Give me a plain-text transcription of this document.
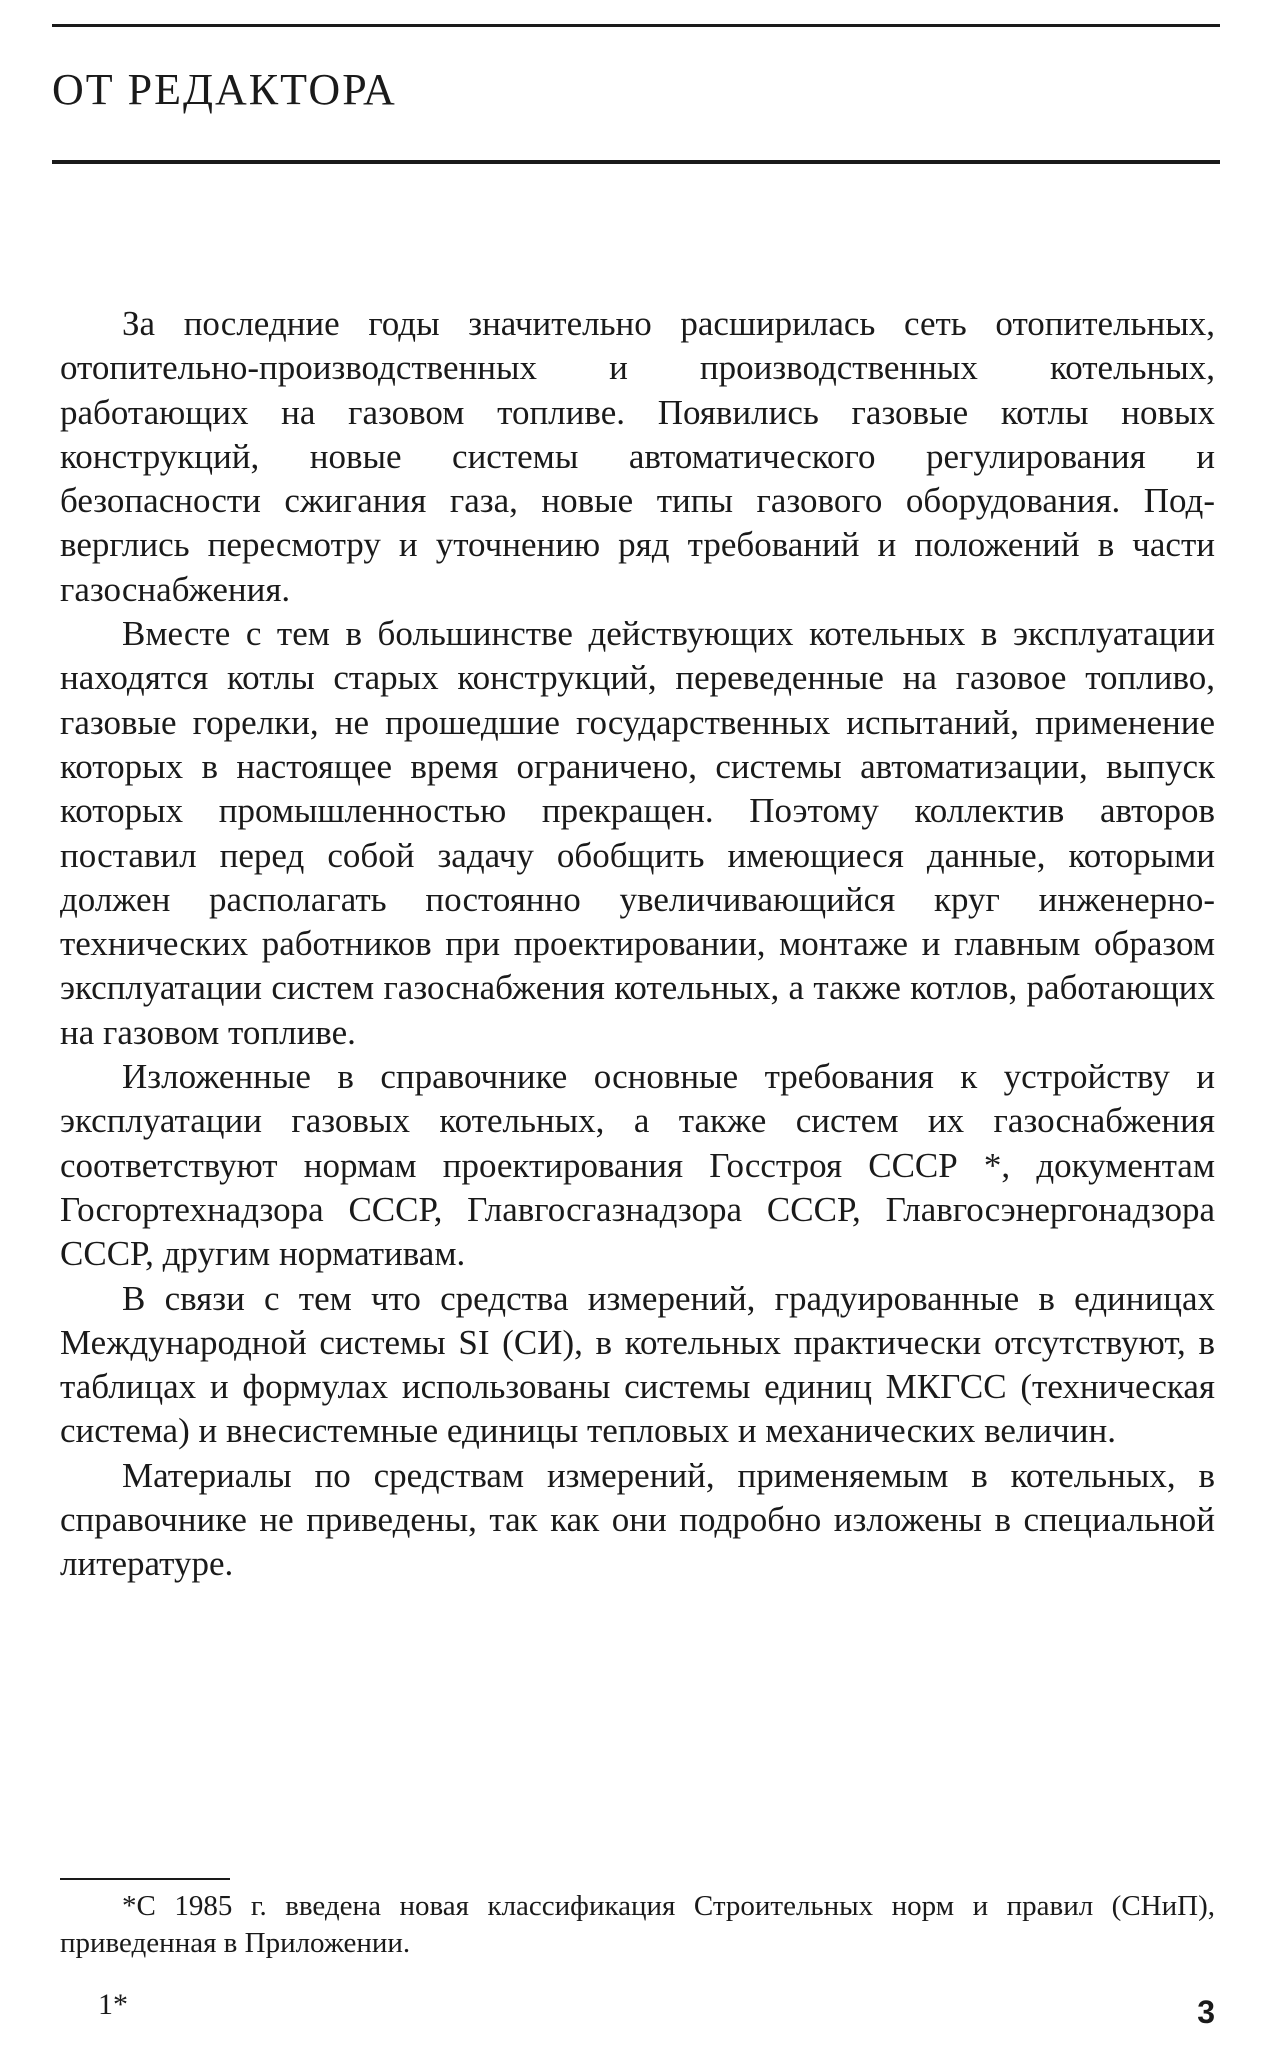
ОТ РЕДАКТОРА

За последние годы значительно расширилась сеть отопительных, отопительно-производственных и производственных котельных, работающих на газовом топливе. Появились газовые котлы новых конструкций, новые системы автоматического регулирования и безопасности сжигания газа, новые типы газового оборудования. Подверглись пересмотру и уточнению ряд требований и положений в части газоснабжения.

Вместе с тем в большинстве действующих котельных в эксплуатации находятся котлы старых конструкций, переведенные на газовое топливо, газовые горелки, не прошедшие государственных испытаний, применение которых в настоящее время ограничено, системы автоматизации, выпуск которых промышленностью прекращен. Поэтому коллектив авторов поставил перед собой задачу обобщить имеющиеся данные, которыми должен располагать постоянно увеличивающийся круг инженерно-технических работников при проектировании, монтаже и главным образом эксплуатации систем газоснабжения котельных, а также котлов, работающих на газовом топливе.

Изложенные в справочнике основные требования к устройству и эксплуатации газовых котельных, а также систем их газоснабжения соответствуют нормам проектирования Госстроя СССР *, документам Госгортехнадзора СССР, Главгосгазнадзора СССР, Главгосэнергонадзора СССР, другим нормативам.

В связи с тем что средства измерений, градуированные в единицах Международной системы SI (СИ), в котельных практически отсутствуют, в таблицах и формулах использованы системы единиц МКГСС (техническая система) и внесистемные единицы тепловых и механических величин.

Материалы по средствам измерений, применяемым в котельных, в справочнике не приведены, так как они подробно изложены в специальной литературе.

*С 1985 г. введена новая классификация Строительных норм и правил (СНиП), приведенная в Приложении.

1*	3
